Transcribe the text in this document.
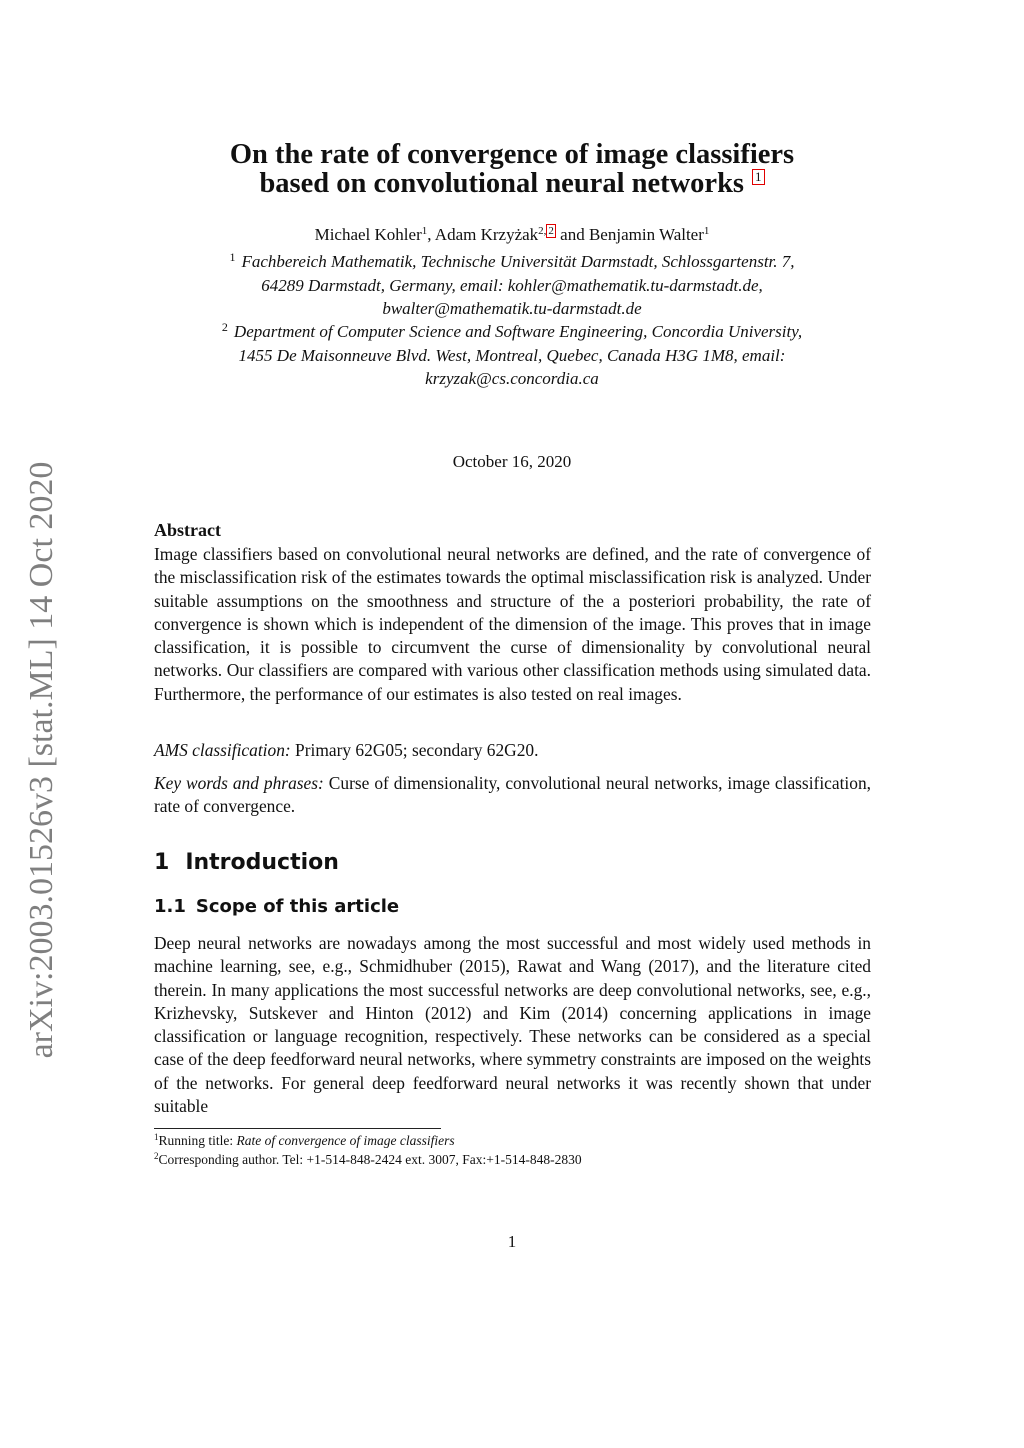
arXiv:2003.01526v3 [stat.ML] 14 Oct 2020
On the rate of convergence of image classifiers
based on convolutional neural networks 1
Michael Kohler$^1$, Adam Krzyżak$^{2, 2}$ and Benjamin Walter$^1$
$^1$ Fachbereich Mathematik, Technische Universität Darmstadt, Schlossgartenstr. 7,
64289 Darmstadt, Germany, email: kohler@mathematik.tu-darmstadt.de,
bwalter@mathematik.tu-darmstadt.de
$^2$ Department of Computer Science and Software Engineering, Concordia University,
1455 De Maisonneuve Blvd. West, Montreal, Quebec, Canada H3G 1M8, email:
krzyzak@cs.concordia.ca
October 16, 2020
Abstract

Image classifiers based on convolutional neural networks are defined, and the rate of convergence of the misclassification risk of the estimates towards the optimal misclassification risk is analyzed. Under suitable assumptions on the smoothness and structure of the a posteriori probability, the rate of convergence is shown which is independent of the dimension of the image. This proves that in image classification, it is possible to circumvent the curse of dimensionality by convolutional neural networks. Our classifiers are compared with various other classification methods using simulated data. Furthermore, the performance of our estimates is also tested on real images.

AMS classification: Primary 62G05; secondary 62G20.

Key words and phrases: Curse of dimensionality, convolutional neural networks, image classification, rate of convergence.

1 Introduction
1.1 Scope of this article

Deep neural networks are nowadays among the most successful and most widely used methods in machine learning, see, e.g., Schmidhuber (2015), Rawat and Wang (2017), and the literature cited therein. In many applications the most successful networks are deep convolutional networks, see, e.g., Krizhevsky, Sutskever and Hinton (2012) and Kim (2014) concerning applications in image classification or language recognition, respectively. These networks can be considered as a special case of the deep feedforward neural networks, where symmetry constraints are imposed on the weights of the networks. For general deep feedforward neural networks it was recently shown that under suitable

$^1$Running title: Rate of convergence of image classifiers
$^2$Corresponding author. Tel: +1-514-848-2424 ext. 3007, Fax:+1-514-848-2830
1
